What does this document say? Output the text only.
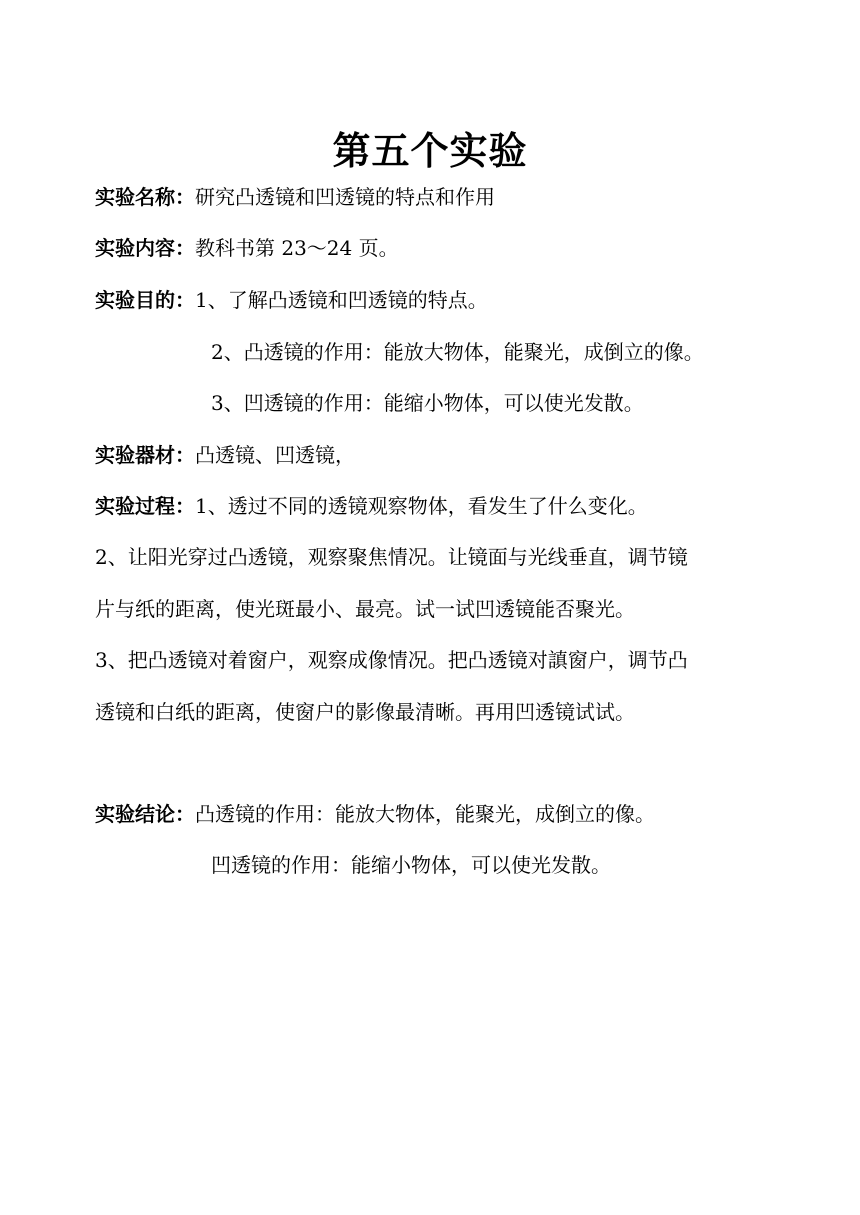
第五个实验
实验名称：研究凸透镜和凹透镜的特点和作用
实验内容：教科书第 23～24 页。
实验目的：1、了解凸透镜和凹透镜的特点。
2、凸透镜的作用：能放大物体，能聚光，成倒立的像。
3、凹透镜的作用：能缩小物体，可以使光发散。
实验器材：凸透镜、凹透镜，
实验过程：1、透过不同的透镜观察物体，看发生了什么变化。
2、让阳光穿过凸透镜，观察聚焦情况。让镜面与光线垂直，调节镜
片与纸的距离，使光斑最小、最亮。试一试凹透镜能否聚光。
3、把凸透镜对着窗户，观察成像情况。把凸透镜对謓窗户，调节凸
透镜和白纸的距离，使窗户的影像最清晰。再用凹透镜试试。
实验结论：凸透镜的作用：能放大物体，能聚光，成倒立的像。
凹透镜的作用：能缩小物体，可以使光发散。
